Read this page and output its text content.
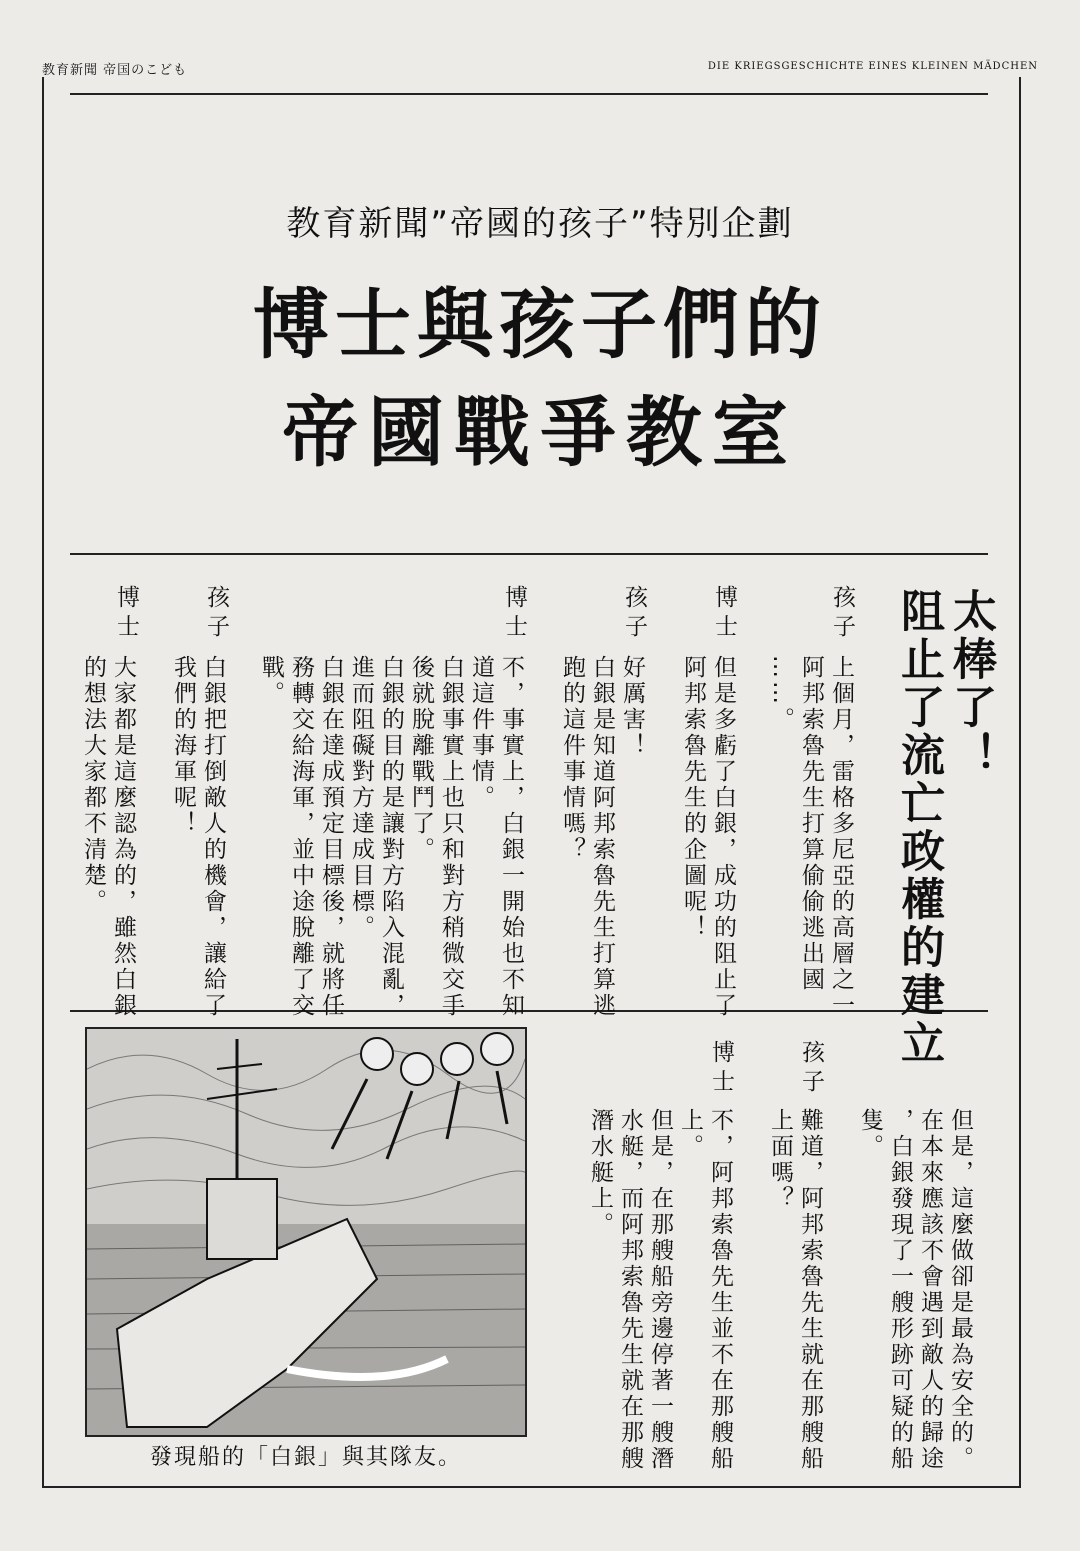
教育新聞 帝国のこども	DIE KRIEGSGESCHICHTE EINES KLEINEN MÄDCHEN
教育新聞”帝國的孩子”特別企劃
博士與孩子們的
帝國戰爭教室
太棒了！
阻止了流亡政權的建立
孩子
上個月，雷格多尼亞的高層之一
阿邦索魯先生打算偷偷逃出國
……。
博士
但是多虧了白銀，成功的阻止了
阿邦索魯先生的企圖呢！
孩子
好厲害！
白銀是知道阿邦索魯先生打算逃
跑的這件事情嗎？
博士
不，事實上，白銀一開始也不知
道這件事情。
白銀事實上也只和對方稍微交手
後就脫離戰鬥了。
白銀的目的是讓對方陷入混亂，
進而阻礙對方達成目標。
白銀在達成預定目標後，就將任
務轉交給海軍，並中途脫離了交
戰。
孩子
白銀把打倒敵人的機會，讓給了
我們的海軍呢！
博士
大家都是這麼認為的，雖然白銀
的想法大家都不清楚。
但是，這麼做卻是最為安全的。
在本來應該不會遇到敵人的歸途
，白銀發現了一艘形跡可疑的船
隻。
孩子
難道，阿邦索魯先生就在那艘船
上面嗎？
博士
不，阿邦索魯先生並不在那艘船
上。
但是，在那艘船旁邊停著一艘潛
水艇，而阿邦索魯先生就在那艘
潛水艇上。
發現船的「白銀」與其隊友。
